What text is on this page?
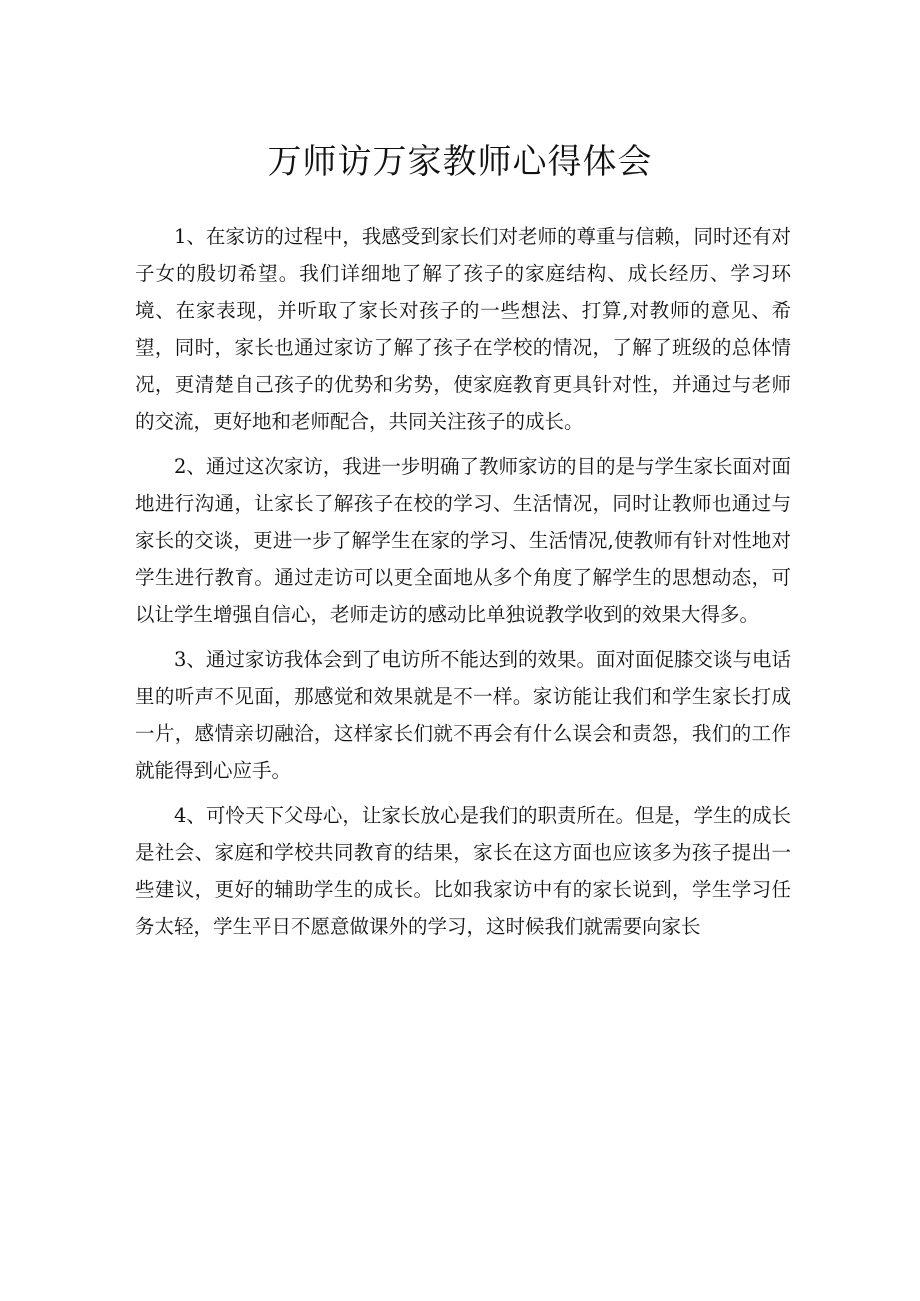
万师访万家教师心得体会

1、在家访的过程中，我感受到家长们对老师的尊重与信赖，同时还有对子女的殷切希望。我们详细地了解了孩子的家庭结构、成长经历、学习环境、在家表现，并听取了家长对孩子的一些想法、打算,对教师的意见、希望，同时，家长也通过家访了解了孩子在学校的情况，了解了班级的总体情况，更清楚自己孩子的优势和劣势，使家庭教育更具针对性，并通过与老师的交流，更好地和老师配合，共同关注孩子的成长。

2、通过这次家访，我进一步明确了教师家访的目的是与学生家长面对面地进行沟通，让家长了解孩子在校的学习、生活情况，同时让教师也通过与家长的交谈，更进一步了解学生在家的学习、生活情况,使教师有针对性地对学生进行教育。通过走访可以更全面地从多个角度了解学生的思想动态，可以让学生增强自信心，老师走访的感动比单独说教学收到的效果大得多。

3、通过家访我体会到了电访所不能达到的效果。面对面促膝交谈与电话里的听声不见面，那感觉和效果就是不一样。家访能让我们和学生家长打成一片，感情亲切融洽，这样家长们就不再会有什么误会和责怨，我们的工作就能得到心应手。

4、可怜天下父母心，让家长放心是我们的职责所在。但是，学生的成长是社会、家庭和学校共同教育的结果，家长在这方面也应该多为孩子提出一些建议，更好的辅助学生的成长。比如我家访中有的家长说到，学生学习任务太轻，学生平日不愿意做课外的学习，这时候我们就需要向家长
